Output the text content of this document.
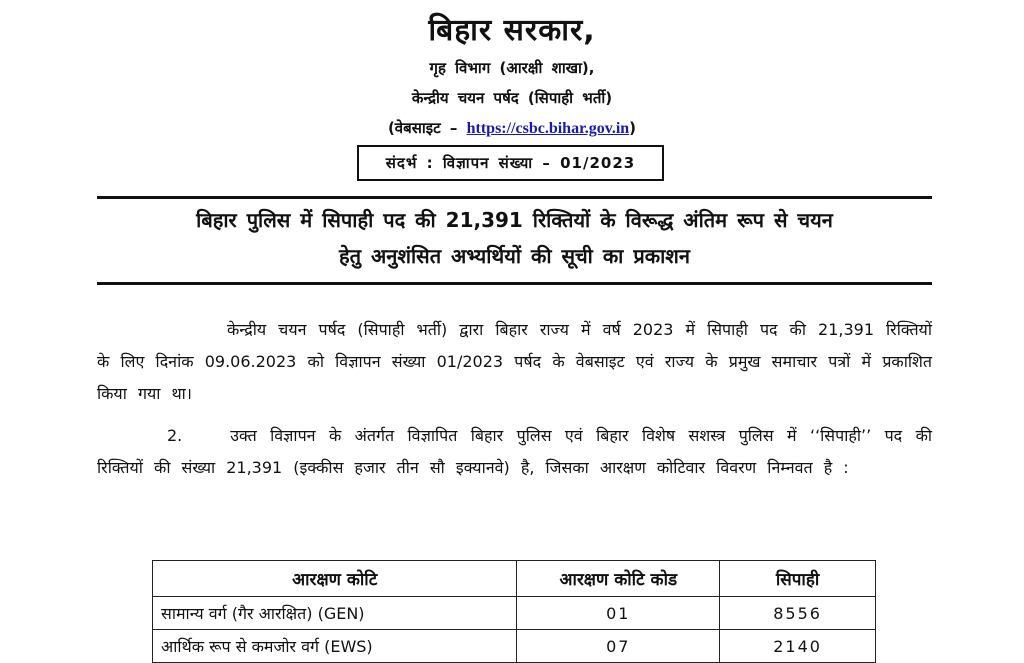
बिहार सरकार,
गृह विभाग (आरक्षी शाखा),
केन्द्रीय चयन पर्षद (सिपाही भर्ती)
(वेबसाइट – https://csbc.bihar.gov.in)
संदर्भ : विज्ञापन संख्या – 01/2023
बिहार पुलिस में सिपाही पद की 21,391 रिक्तियों के विरूद्ध अंतिम रूप से चयन
हेतु अनुशंसित अभ्यर्थियों की सूची का प्रकाशन
केन्द्रीय चयन पर्षद (सिपाही भर्ती) द्वारा बिहार राज्य में वर्ष 2023 में सिपाही पद की 21,391 रिक्तियों के लिए दिनांक 09.06.2023 को विज्ञापन संख्या 01/2023 पर्षद के वेबसाइट एवं राज्य के प्रमुख समाचार पत्रों में प्रकाशित किया गया था।
2.	उक्त विज्ञापन के अंतर्गत विज्ञापित बिहार पुलिस एवं बिहार विशेष सशस्त्र पुलिस में ‘‘सिपाही’’ पद की रिक्तियों की संख्या 21,391 (इक्कीस हजार तीन सौ इक्यानवे) है, जिसका आरक्षण कोटिवार विवरण निम्नवत है :
आरक्षण कोटि	आरक्षण कोटि कोड	सिपाही
सामान्य वर्ग (गैर आरक्षित) (GEN)	01	8556
आर्थिक रूप से कमजोर वर्ग (EWS)	07	2140
